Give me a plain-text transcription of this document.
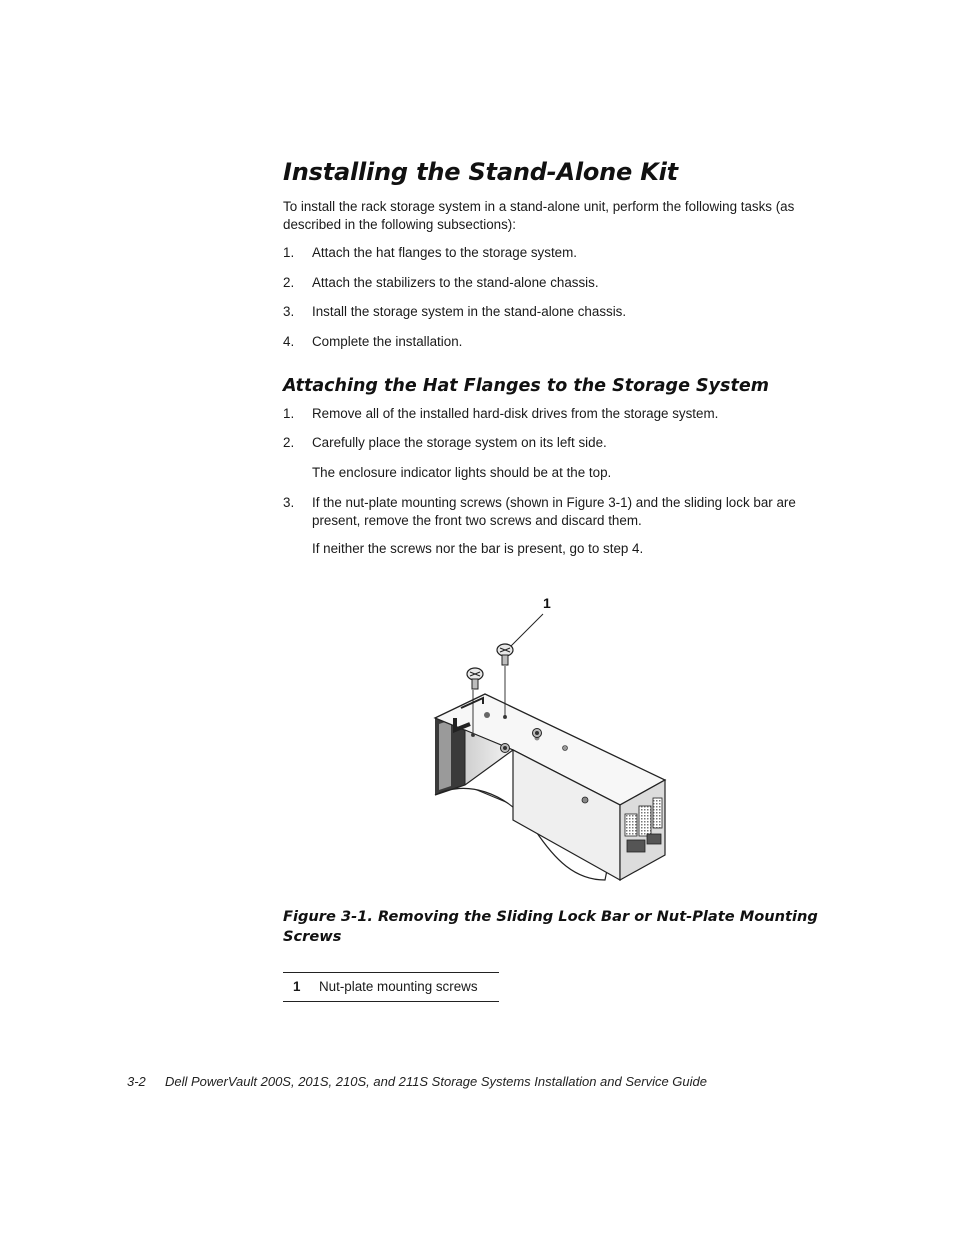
Installing the Stand-Alone Kit
To install the rack storage system in a stand-alone unit, perform the following tasks (as described in the following subsections):
1.	Attach the hat flanges to the storage system.
2.	Attach the stabilizers to the stand-alone chassis.
3.	Install the storage system in the stand-alone chassis.
4.	Complete the installation.
Attaching the Hat Flanges to the Storage System
1.	Remove all of the installed hard-disk drives from the storage system.
2.	Carefully place the storage system on its left side.
The enclosure indicator lights should be at the top.
3.	If the nut-plate mounting screws (shown in Figure 3-1) and the sliding lock bar are present, remove the front two screws and discard them.
If neither the screws nor the bar is present, go to step 4.
1

Figure 3-1. Removing the Sliding Lock Bar or Nut-Plate Mounting Screws

1 Nut-plate mounting screws
3-2 Dell PowerVault 200S, 201S, 210S, and 211S Storage Systems Installation and Service Guide
